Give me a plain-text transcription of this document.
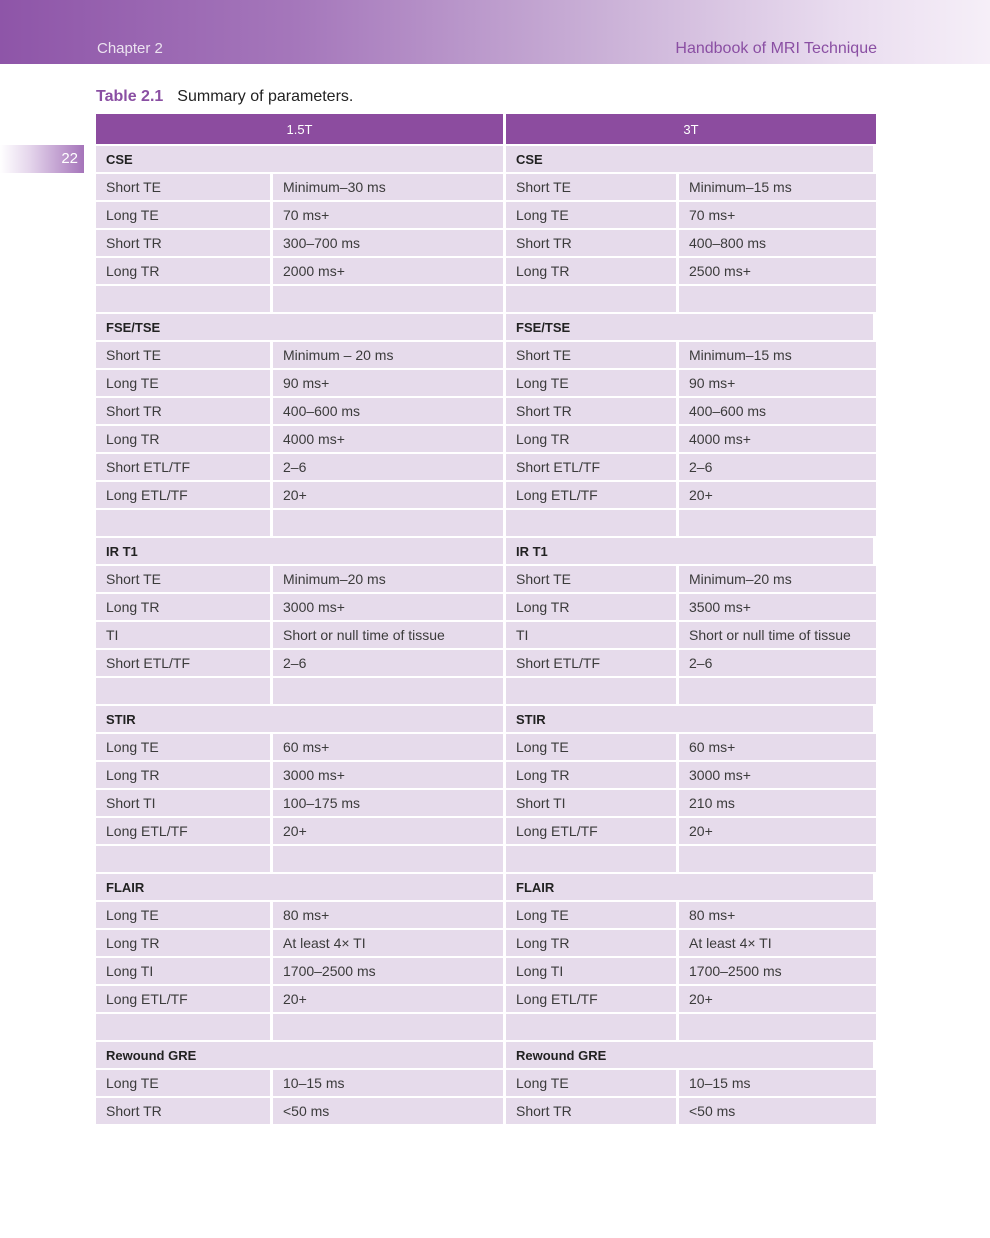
Chapter 2	Handbook of MRI Technique
22
Table 2.1 Summary of parameters.
1.5T	3T
CSE	CSE
Short TE	Minimum–30 ms	Short TE	Minimum–15 ms
Long TE	70 ms+	Long TE	70 ms+
Short TR	300–700 ms	Short TR	400–800 ms
Long TR	2000 ms+	Long TR	2500 ms+
FSE/TSE	FSE/TSE
Short TE	Minimum – 20 ms	Short TE	Minimum–15 ms
Long TE	90 ms+	Long TE	90 ms+
Short TR	400–600 ms	Short TR	400–600 ms
Long TR	4000 ms+	Long TR	4000 ms+
Short ETL/TF	2–6	Short ETL/TF	2–6
Long ETL/TF	20+	Long ETL/TF	20+
IR T1	IR T1
Short TE	Minimum–20 ms	Short TE	Minimum–20 ms
Long TR	3000 ms+	Long TR	3500 ms+
TI	Short or null time of tissue	TI	Short or null time of tissue
Short ETL/TF	2–6	Short ETL/TF	2–6
STIR	STIR
Long TE	60 ms+	Long TE	60 ms+
Long TR	3000 ms+	Long TR	3000 ms+
Short TI	100–175 ms	Short TI	210 ms
Long ETL/TF	20+	Long ETL/TF	20+
FLAIR	FLAIR
Long TE	80 ms+	Long TE	80 ms+
Long TR	At least 4× TI	Long TR	At least 4× TI
Long TI	1700–2500 ms	Long TI	1700–2500 ms
Long ETL/TF	20+	Long ETL/TF	20+
Rewound GRE	Rewound GRE
Long TE	10–15 ms	Long TE	10–15 ms
Short TR	<50 ms	Short TR	<50 ms
